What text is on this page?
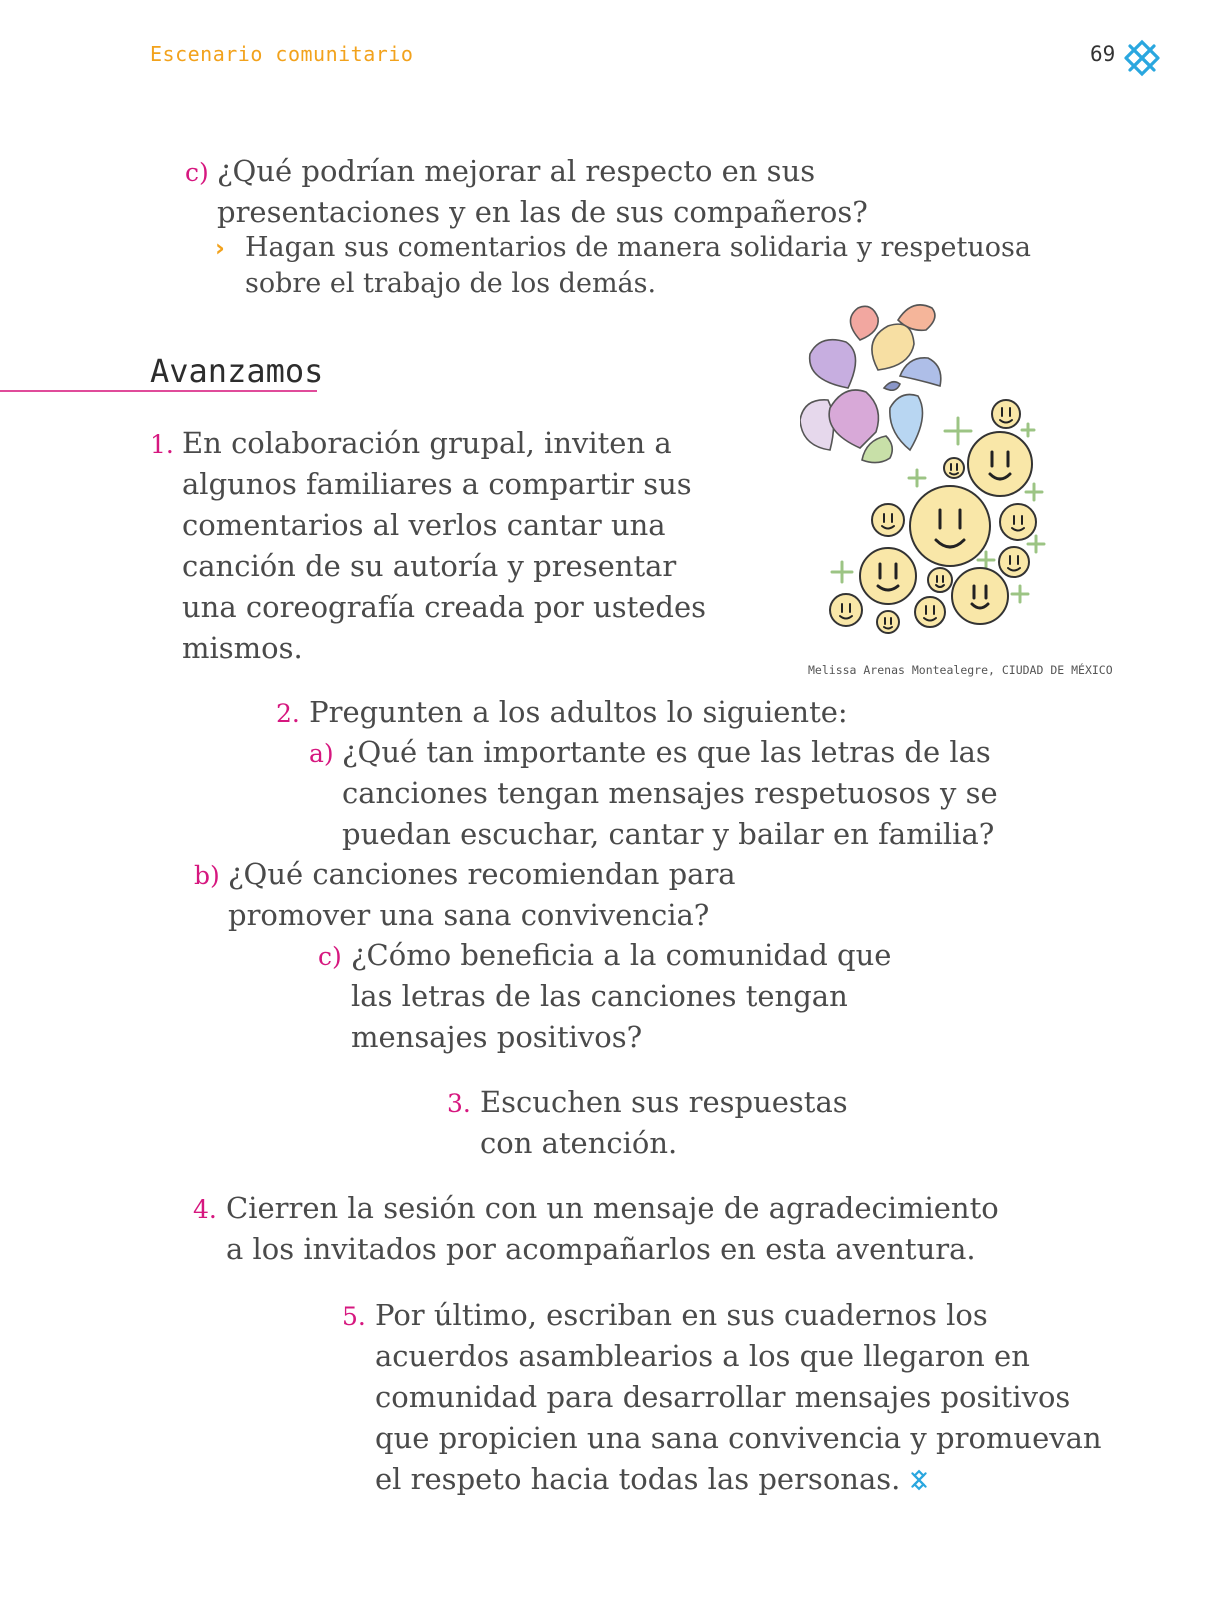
Escenario comunitario	69
c) ¿Qué podrían mejorar al respecto en sus
presentaciones y en las de sus compañeros?
› Hagan sus comentarios de manera solidaria y respetuosa
sobre el trabajo de los demás.
Avanzamos
1. En colaboración grupal, inviten a
algunos familiares a compartir sus
comentarios al verlos cantar una
canción de su autoría y presentar
una coreografía creada por ustedes
mismos.
Melissa Arenas Montealegre, CIUDAD DE MÉXICO
2. Pregunten a los adultos lo siguiente:
a) ¿Qué tan importante es que las letras de las
canciones tengan mensajes respetuosos y se
puedan escuchar, cantar y bailar en familia?
b) ¿Qué canciones recomiendan para
promover una sana convivencia?
c) ¿Cómo beneficia a la comunidad que
las letras de las canciones tengan
mensajes positivos?
3. Escuchen sus respuestas
con atención.
4. Cierren la sesión con un mensaje de agradecimiento
a los invitados por acompañarlos en esta aventura.
5. Por último, escriban en sus cuadernos los
acuerdos asamblearios a los que llegaron en
comunidad para desarrollar mensajes positivos
que propicien una sana convivencia y promuevan
el respeto hacia todas las personas.
